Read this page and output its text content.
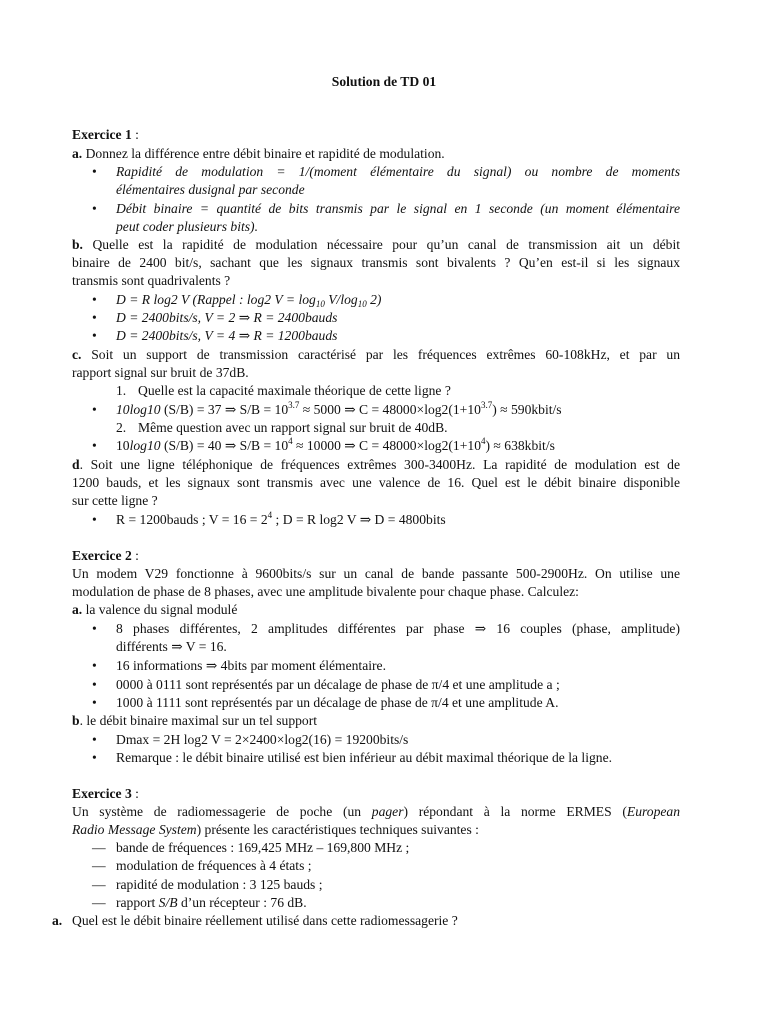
Solution de TD 01
Exercice 1 :
a. Donnez la différence entre débit binaire et rapidité de modulation.
• Rapidité de modulation = 1/(moment élémentaire du signal) ou nombre de moments
élémentaires dusignal par seconde
• Débit binaire = quantité de bits transmis par le signal en 1 seconde (un moment élémentaire
peut coder plusieurs bits).
b. Quelle est la rapidité de modulation nécessaire pour qu’un canal de transmission ait un débit
binaire de 2400 bit/s, sachant que les signaux transmis sont bivalents ? Qu’en est-il si les signaux
transmis sont quadrivalents ?
• D = R log2 V (Rappel : log2 $V = \log_{10} V/\log_{10}$ 2)
• D = 2400bits/s, V = 2 ⇒ R = 2400bauds
• D = 2400bits/s, V = 4 ⇒ R = 1200bauds
c. Soit un support de transmission caractérisé par les fréquences extrêmes 60-108kHz, et par un
rapport signal sur bruit de 37dB.
1. Quelle est la capacité maximale théorique de cette ligne ?
• 10log10 (S/B) = 37 ⇒ $S/B = 10^{3.7} \approx 5000$ ⇒ $C = 48000\times\log 2(1+10^{3.7})$ ≈ 590kbit/s
2. Même question avec un rapport signal sur bruit de 40dB.
• 10log10 (S/B) = 40 ⇒ $S/B = 10^4 \approx 10000$ ⇒ $C = 48000\times\log 2(1+10^4)$ ≈ 638kbit/s
d. Soit une ligne téléphonique de fréquences extrêmes 300-3400Hz. La rapidité de modulation est de
1200 bauds, et les signaux sont transmis avec une valence de 16. Quel est le débit binaire disponible
sur cette ligne ?
• R = 1200bauds ; $V = 16 = 2^4$ ; D = R log2 V ⇒ D = 4800bits
Exercice 2 :
Un modem V29 fonctionne à 9600bits/s sur un canal de bande passante 500-2900Hz. On utilise une
modulation de phase de 8 phases, avec une amplitude bivalente pour chaque phase. Calculez:
a. la valence du signal modulé
• 8 phases différentes, 2 amplitudes différentes par phase ⇒ 16 couples (phase, amplitude)
différents ⇒ V = 16.
• 16 informations ⇒ 4bits par moment élémentaire.
• 0000 à 0111 sont représentés par un décalage de phase de π/4 et une amplitude a ;
• 1000 à 1111 sont représentés par un décalage de phase de π/4 et une amplitude A.
b. le débit binaire maximal sur un tel support
• Dmax = 2H log2 V = 2×2400×log2(16) = 19200bits/s
• Remarque : le débit binaire utilisé est bien inférieur au débit maximal théorique de la ligne.
Exercice 3 :
Un système de radiomessagerie de poche (un pager) répondant à la norme ERMES (European
Radio Message System) présente les caractéristiques techniques suivantes :
— bande de fréquences : 169,425 MHz – 169,800 MHz ;
— modulation de fréquences à 4 états ;
— rapidité de modulation : 3 125 bauds ;
— rapport S/B d’un récepteur : 76 dB.
a. Quel est le débit binaire réellement utilisé dans cette radiomessagerie ?
